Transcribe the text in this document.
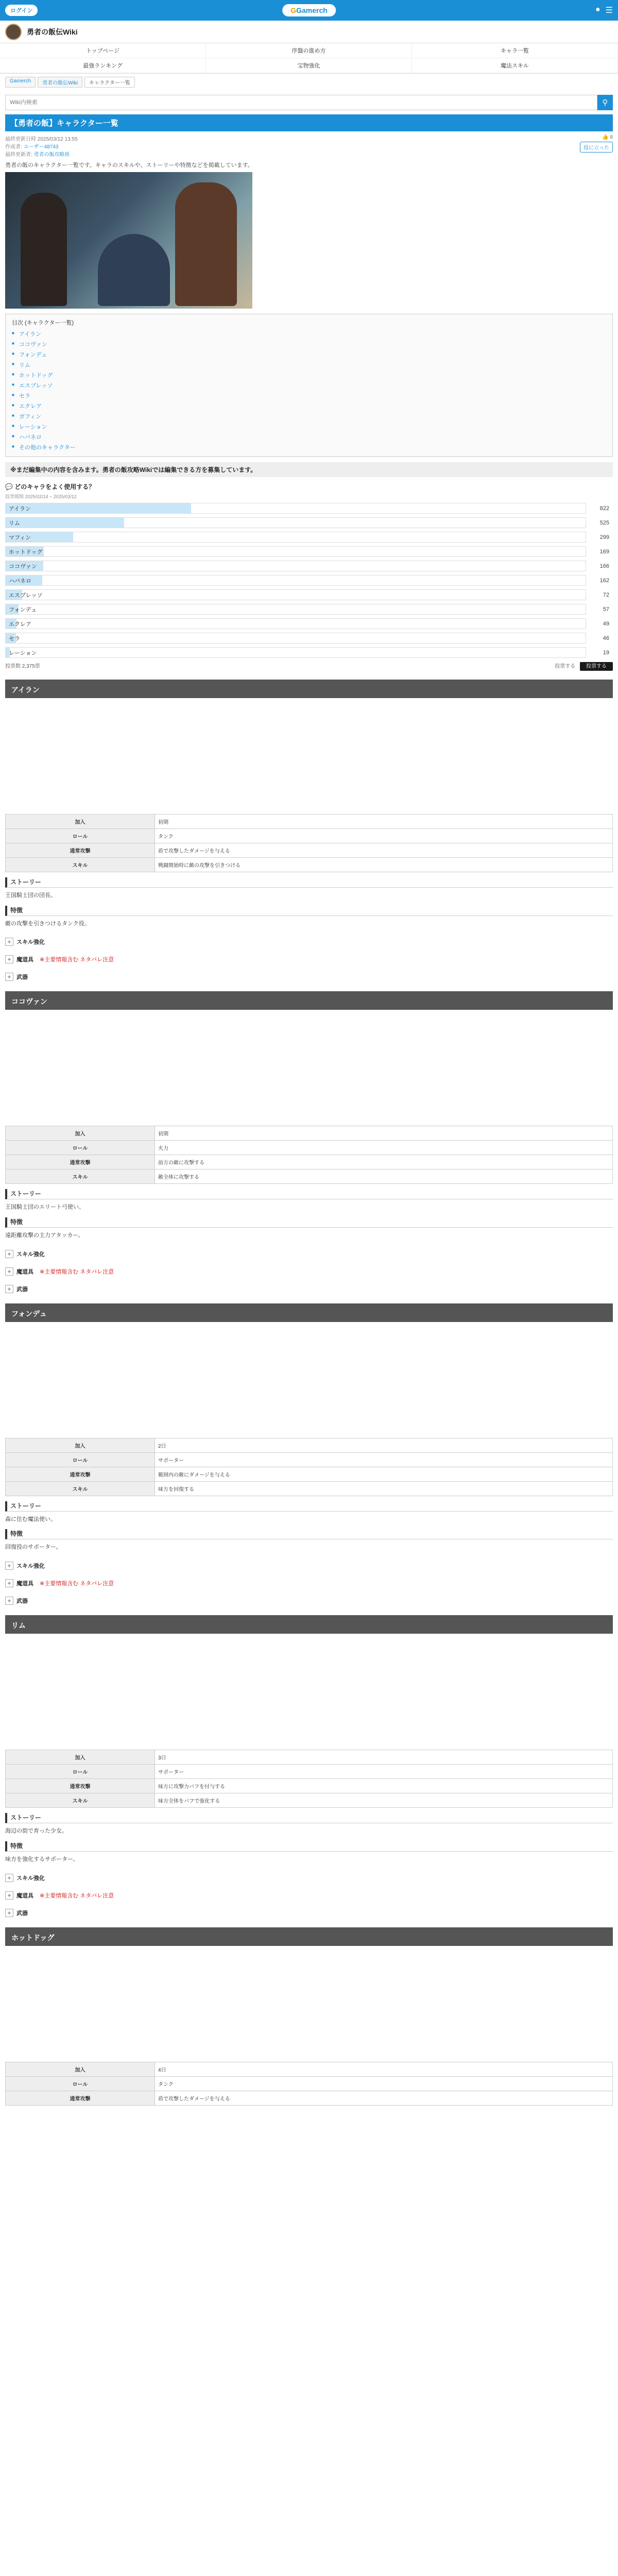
ログイン	GGamerch	● ☰
勇者の飯伝Wiki
トップページ	序盤の進め方	キャラ一覧
最強ランキング	宝物強化	魔法スキル
Gamerch	勇者の飯伝Wiki	キャラクター一覧
Wiki内検索
⚲
【勇者の飯】キャラクター一覧
最終更新日時 2025/03/12 13:55
作成者: ユーザー48743
最終更新者: 勇者の飯攻略班
👍 8
役に立った
勇者の飯のキャラクター一覧です。キャラのスキルや、ストーリーや特徴などを掲載しています。
目次 (キャラクター一覧)
■ アイラン
■ ココヴァン
■ フォンデュ
■ リム
■ ホットドッグ
■ エスプレッソ
■ セラ
■ エクレア
■ ガフィン
■ レーション
■ ハバネロ
■ その他のキャラクター
※まだ編集中の内容を含みます。勇者の飯攻略Wikiでは編集できる方を募集しています。
💬 どのキャラをよく使用する？
投票期間 2025/02/14 ~ 2025/03/12
アイラン	822
リム	525
マフィン	299
ホットドッグ	169
ココヴァン	166
ハバネロ	162
エスプレッソ	72
フォンデュ	57
エクレア	49
セラ	46
レーション	19
投票数 2,375票	投票する 投票する
アイラン
加入	初期
ロール	タンク
通常攻撃	盾で攻撃したダメージを与える
スキル	戦闘開始時に敵の攻撃を引きつける
ストーリー
王国騎士団の団長。
特徴
敵の攻撃を引きつけるタンク役。
+ スキル強化
+ 魔道具 ※主要情報含む ネタバレ注意
+ 武器
ココヴァン
加入	初期
ロール	火力
通常攻撃	前方の敵に攻撃する
スキル	敵全体に攻撃する
ストーリー
王国騎士団のエリート弓使い。
特徴
遠距離攻撃の主力アタッカー。
+ スキル強化
+ 魔道具 ※主要情報含む ネタバレ注意
+ 武器
フォンデュ
加入	2日
ロール	サポーター
通常攻撃	範囲内の敵にダメージを与える
スキル	味方を回復する
ストーリー
森に住む魔法使い。
特徴
回復役のサポーター。
+ スキル強化
+ 魔道具 ※主要情報含む ネタバレ注意
+ 武器
リム
加入	3日
ロール	サポーター
通常攻撃	味方に攻撃力バフを付与する
スキル	味方全体をバフで強化する
ストーリー
海辺の街で育った少女。
特徴
味方を強化するサポーター。
+ スキル強化
+ 魔道具 ※主要情報含む ネタバレ注意
+ 武器
ホットドッグ
加入	4日
ロール	タンク
通常攻撃	盾で攻撃したダメージを与える
